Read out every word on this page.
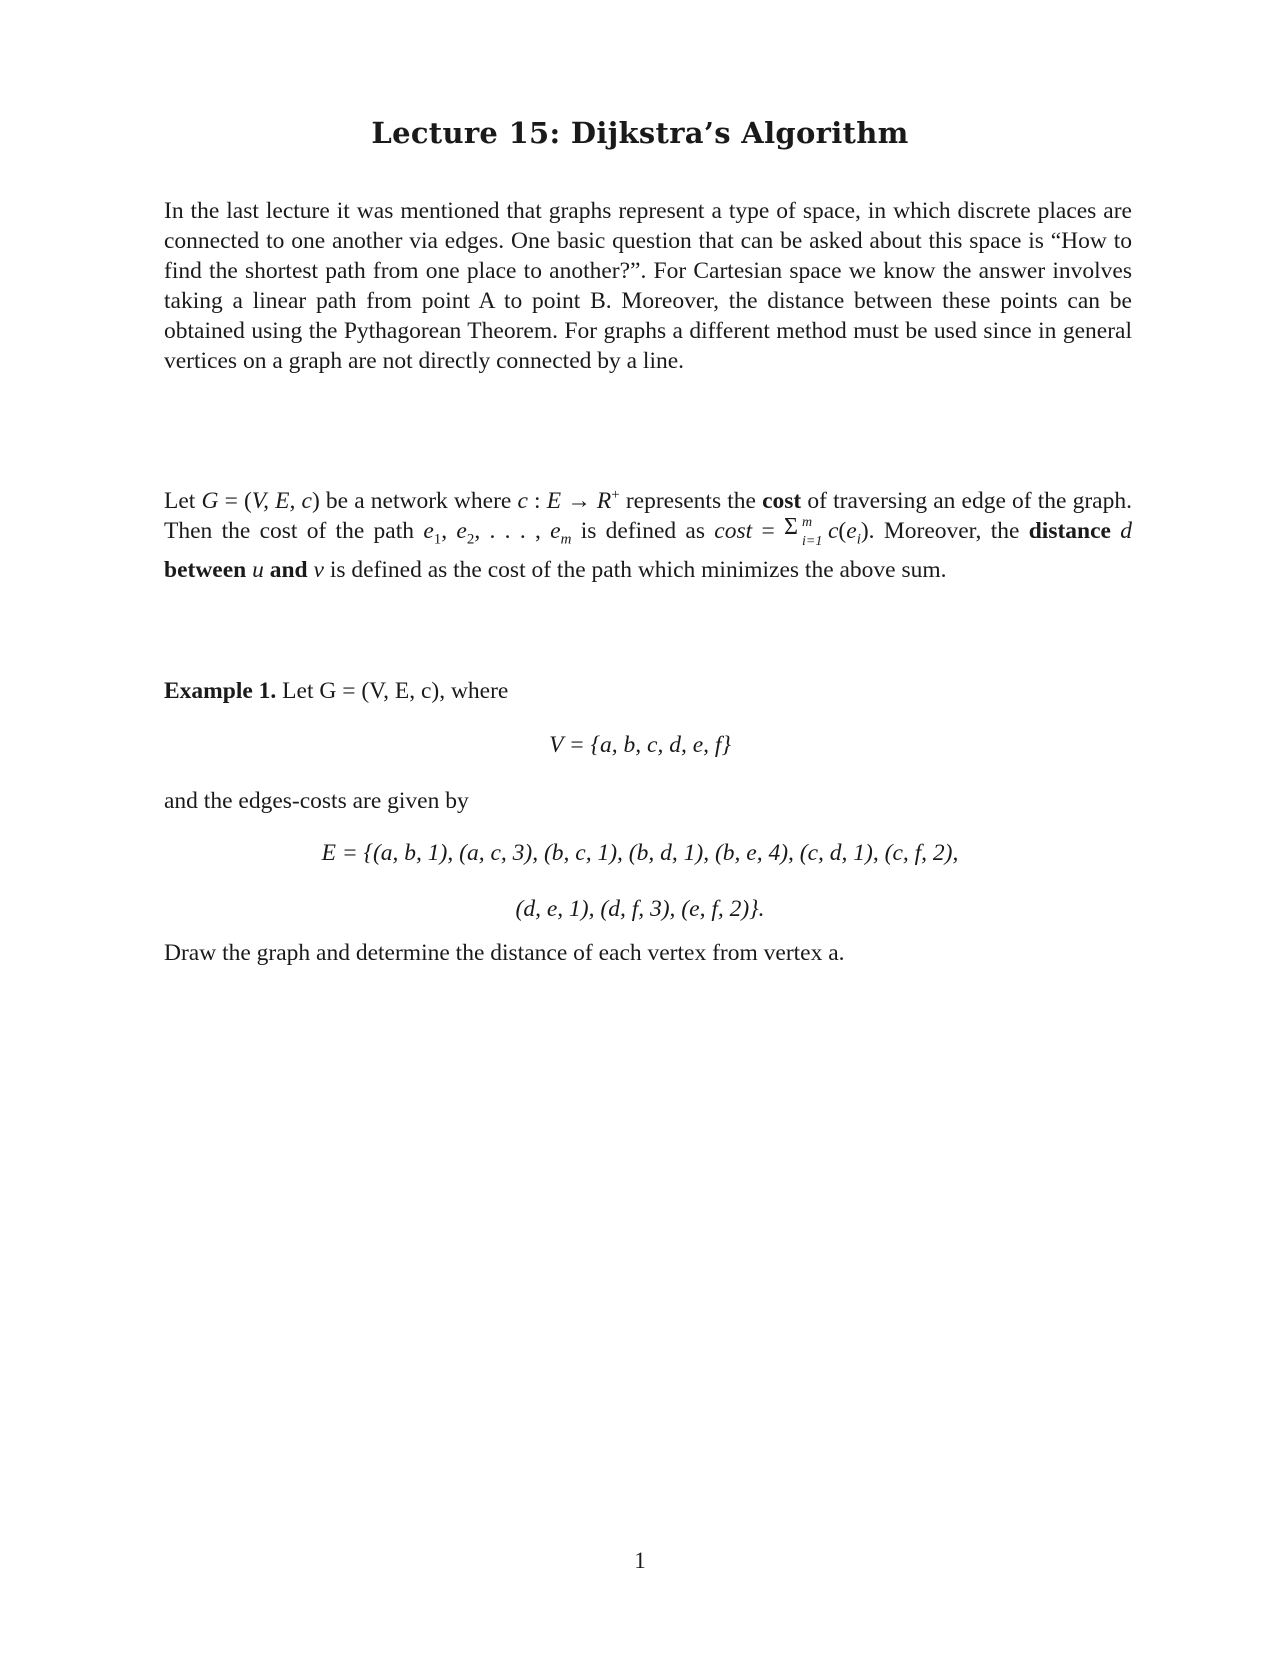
Lecture 15: Dijkstra’s Algorithm
In the last lecture it was mentioned that graphs represent a type of space, in which discrete places are connected to one another via edges. One basic question that can be asked about this space is “How to find the shortest path from one place to another?”. For Cartesian space we know the answer involves taking a linear path from point A to point B. Moreover, the distance between these points can be obtained using the Pythagorean Theorem. For graphs a different method must be used since in general vertices on a graph are not directly connected by a line.
Let G = (V, E, c) be a network where c : E → R+ represents the cost of traversing an edge of the graph. Then the cost of the path $e_1$, $e_2$, . . . , $e_m$ is defined as cost = Σ m
i=1 $c(e_i)$. Moreover, the distance d between u and v is defined as the cost of the path which minimizes the above sum.
Example 1. Let G = (V, E, c), where
V = {a, b, c, d, e, f}
and the edges-costs are given by
E = {(a, b, 1), (a, c, 3), (b, c, 1), (b, d, 1), (b, e, 4), (c, d, 1), (c, f, 2),
(d, e, 1), (d, f, 3), (e, f, 2)}.
Draw the graph and determine the distance of each vertex from vertex a.
1
